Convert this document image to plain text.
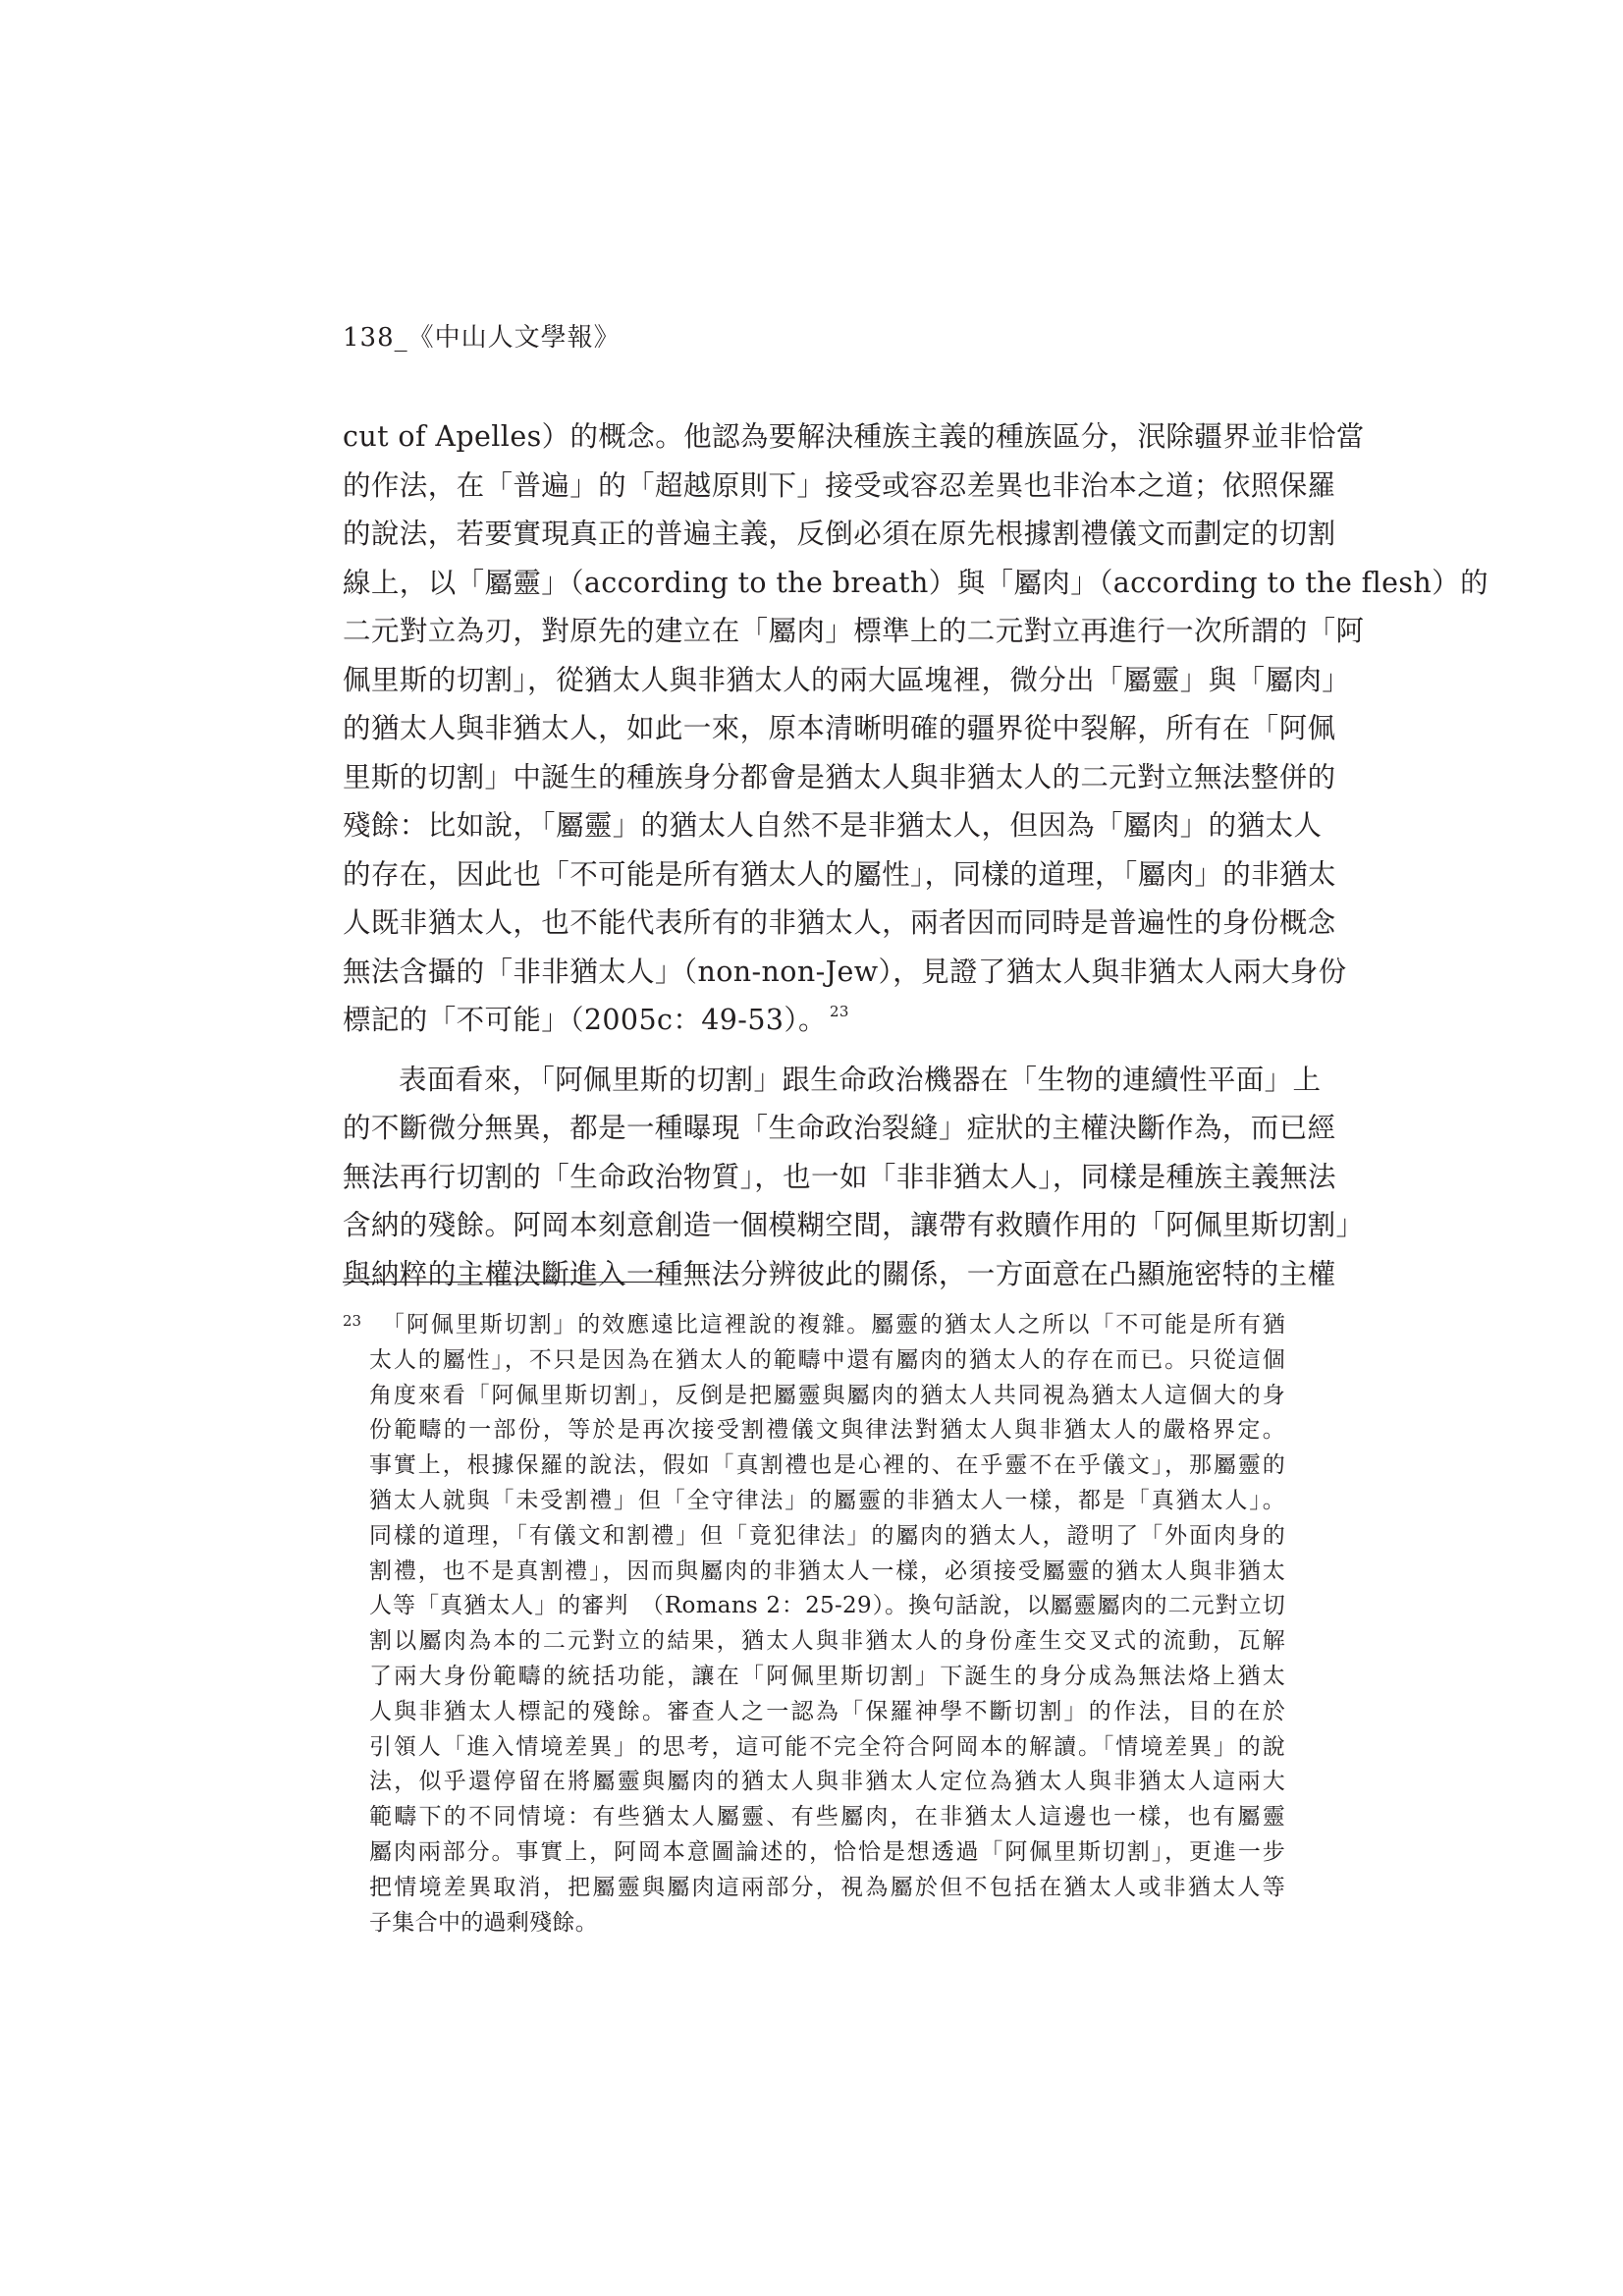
138_《中山人文學報》
cut of Apelles）的概念。他認為要解決種族主義的種族區分，泯除疆界並非恰當
的作法，在「普遍」的「超越原則下」接受或容忍差異也非治本之道；依照保羅
的說法，若要實現真正的普遍主義，反倒必須在原先根據割禮儀文而劃定的切割
線上，以「屬靈」（according to the breath）與「屬肉」（according to the flesh）的
二元對立為刃，對原先的建立在「屬肉」標準上的二元對立再進行一次所謂的「阿
佩里斯的切割」，從猶太人與非猶太人的兩大區塊裡，微分出「屬靈」與「屬肉」
的猶太人與非猶太人，如此一來，原本清晰明確的疆界從中裂解，所有在「阿佩
里斯的切割」中誕生的種族身分都會是猶太人與非猶太人的二元對立無法整併的
殘餘：比如說，「屬靈」的猶太人自然不是非猶太人，但因為「屬肉」的猶太人
的存在，因此也「不可能是所有猶太人的屬性」，同樣的道理，「屬肉」的非猶太
人既非猶太人，也不能代表所有的非猶太人，兩者因而同時是普遍性的身份概念
無法含攝的「非非猶太人」（non-non-Jew），見證了猶太人與非猶太人兩大身份
標記的「不可能」（2005c：49-53）。 $^{23}$
表面看來，「阿佩里斯的切割」跟生命政治機器在「生物的連續性平面」上
的不斷微分無異，都是一種曝現「生命政治裂縫」症狀的主權決斷作為，而已經
無法再行切割的「生命政治物質」，也一如「非非猶太人」，同樣是種族主義無法
含納的殘餘。阿岡本刻意創造一個模糊空間，讓帶有救贖作用的「阿佩里斯切割」
與納粹的主權決斷進入一種無法分辨彼此的關係，一方面意在凸顯施密特的主權
23 「阿佩里斯切割」的效應遠比這裡說的複雜。屬靈的猶太人之所以「不可能是所有猶
太人的屬性」，不只是因為在猶太人的範疇中還有屬肉的猶太人的存在而已。只從這個
角度來看「阿佩里斯切割」，反倒是把屬靈與屬肉的猶太人共同視為猶太人這個大的身
份範疇的一部份，等於是再次接受割禮儀文與律法對猶太人與非猶太人的嚴格界定。
事實上，根據保羅的說法，假如「真割禮也是心裡的、在乎靈不在乎儀文」，那屬靈的
猶太人就與「未受割禮」但「全守律法」的屬靈的非猶太人一樣，都是「真猶太人」。
同樣的道理，「有儀文和割禮」但「竟犯律法」的屬肉的猶太人，證明了「外面肉身的
割禮，也不是真割禮」，因而與屬肉的非猶太人一樣，必須接受屬靈的猶太人與非猶太
人等「真猶太人」的審判　（Romans 2：25-29）。換句話說，以屬靈屬肉的二元對立切
割以屬肉為本的二元對立的結果，猶太人與非猶太人的身份產生交叉式的流動，瓦解
了兩大身份範疇的統括功能，讓在「阿佩里斯切割」下誕生的身分成為無法烙上猶太
人與非猶太人標記的殘餘。審查人之一認為「保羅神學不斷切割」的作法，目的在於
引領人「進入情境差異」的思考，這可能不完全符合阿岡本的解讀。「情境差異」的說
法，似乎還停留在將屬靈與屬肉的猶太人與非猶太人定位為猶太人與非猶太人這兩大
範疇下的不同情境：有些猶太人屬靈、有些屬肉，在非猶太人這邊也一樣，也有屬靈
屬肉兩部分。事實上，阿岡本意圖論述的，恰恰是想透過「阿佩里斯切割」，更進一步
把情境差異取消，把屬靈與屬肉這兩部分，視為屬於但不包括在猶太人或非猶太人等
子集合中的過剩殘餘。
